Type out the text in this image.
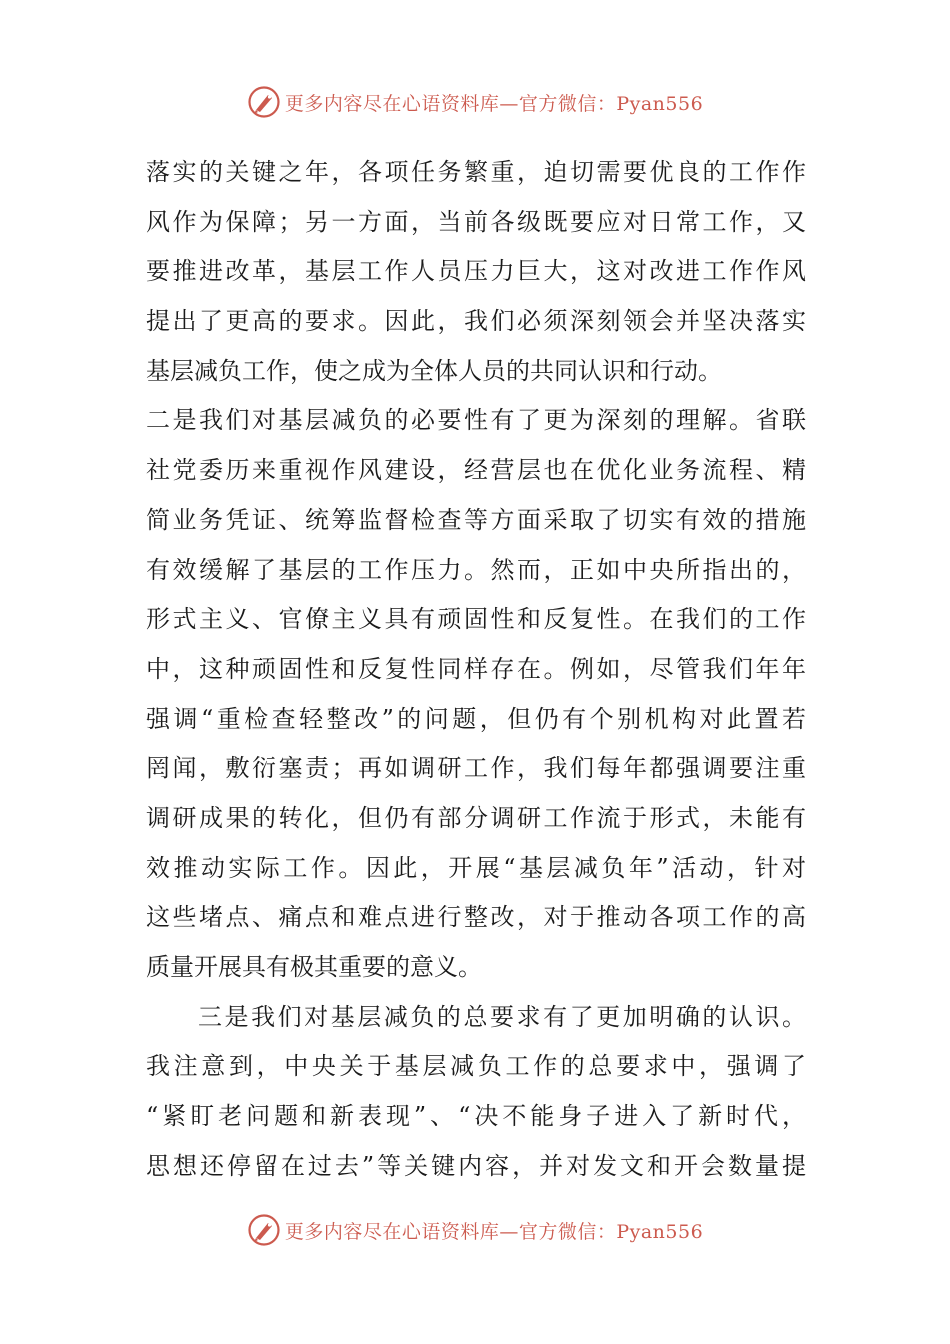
更多内容尽在心语资料库—官方微信：Pyan556
落实的关键之年，各项任务繁重，迫切需要优良的工作作
风作为保障；另一方面，当前各级既要应对日常工作，又
要推进改革，基层工作人员压力巨大，这对改进工作作风
提出了更高的要求。因此，我们必须深刻领会并坚决落实
基层减负工作，使之成为全体人员的共同认识和行动。
二是我们对基层减负的必要性有了更为深刻的理解。省联
社党委历来重视作风建设，经营层也在优化业务流程、精
简业务凭证、统筹监督检查等方面采取了切实有效的措施
有效缓解了基层的工作压力。然而，正如中央所指出的，
形式主义、官僚主义具有顽固性和反复性。在我们的工作
中，这种顽固性和反复性同样存在。例如，尽管我们年年
强调“重检查轻整改”的问题，但仍有个别机构对此置若
罔闻，敷衍塞责；再如调研工作，我们每年都强调要注重
调研成果的转化，但仍有部分调研工作流于形式，未能有
效推动实际工作。因此，开展“基层减负年”活动，针对
这些堵点、痛点和难点进行整改，对于推动各项工作的高
质量开展具有极其重要的意义。
三是我们对基层减负的总要求有了更加明确的认识。
我注意到，中央关于基层减负工作的总要求中，强调了
“紧盯老问题和新表现”、“决不能身子进入了新时代，
思想还停留在过去”等关键内容，并对发文和开会数量提
更多内容尽在心语资料库—官方微信：Pyan556
